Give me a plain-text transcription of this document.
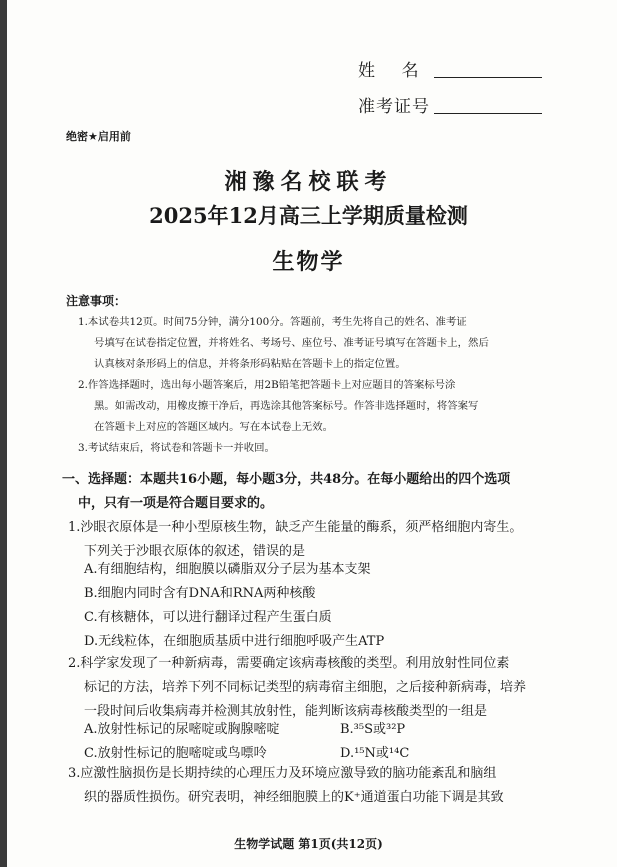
姓    名
准考证号
绝密★启用前
湘豫名校联考
2025年12月高三上学期质量检测
生物学
注意事项：

1.本试卷共12页。时间75分钟，满分100分。答题前，考生先将自己的姓名、准考证

号填写在试卷指定位置，并将姓名、考场号、座位号、准考证号填写在答题卡上，然后

认真核对条形码上的信息，并将条形码粘贴在答题卡上的指定位置。

2.作答选择题时，选出每小题答案后，用2B铅笔把答题卡上对应题目的答案标号涂

黑。如需改动，用橡皮擦干净后，再选涂其他答案标号。作答非选择题时，将答案写

在答题卡上对应的答题区域内。写在本试卷上无效。

3.考试结束后，将试卷和答题卡一并收回。

一、选择题：本题共16小题，每小题3分，共48分。在每小题给出的四个选项
中，只有一项是符合题目要求的。
1.沙眼衣原体是一种小型原核生物，缺乏产生能量的酶系，须严格细胞内寄生。
下列关于沙眼衣原体的叙述，错误的是
A.有细胞结构，细胞膜以磷脂双分子层为基本支架
B.细胞内同时含有DNA和RNA两种核酸
C.有核糖体，可以进行翻译过程产生蛋白质
D.无线粒体，在细胞质基质中进行细胞呼吸产生ATP
2.科学家发现了一种新病毒，需要确定该病毒核酸的类型。利用放射性同位素
标记的方法，培养下列不同标记类型的病毒宿主细胞，之后接种新病毒，培养
一段时间后收集病毒并检测其放射性，能判断该病毒核酸类型的一组是
A.放射性标记的尿嘧啶或胸腺嘧啶	B.³⁵S或³²P
C.放射性标记的胞嘧啶或鸟嘌呤	D.¹⁵N或¹⁴C
3.应激性脑损伤是长期持续的心理压力及环境应激导致的脑功能紊乱和脑组
织的器质性损伤。研究表明，神经细胞膜上的K⁺通道蛋白功能下调是其致
生物学试题 第1页(共12页)
